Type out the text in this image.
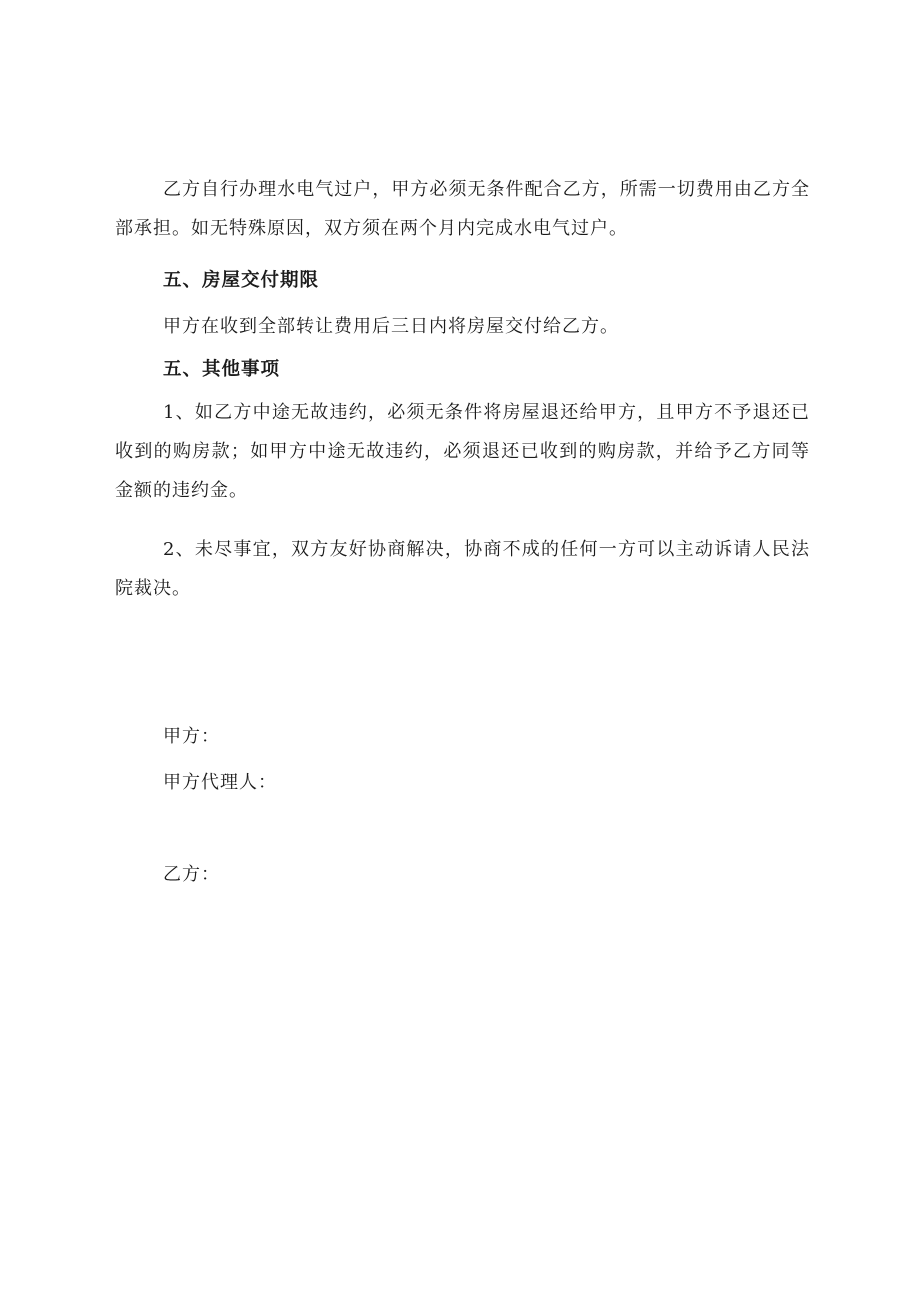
乙方自行办理水电气过户，甲方必须无条件配合乙方，所需一切费用由乙方全部承担。如无特殊原因，双方须在两个月内完成水电气过户。
五、房屋交付期限
甲方在收到全部转让费用后三日内将房屋交付给乙方。
五、其他事项
1、如乙方中途无故违约，必须无条件将房屋退还给甲方，且甲方不予退还已收到的购房款；如甲方中途无故违约，必须退还已收到的购房款，并给予乙方同等金额的违约金。
2、未尽事宜，双方友好协商解决，协商不成的任何一方可以主动诉请人民法院裁决。
甲方：
甲方代理人：
乙方：
